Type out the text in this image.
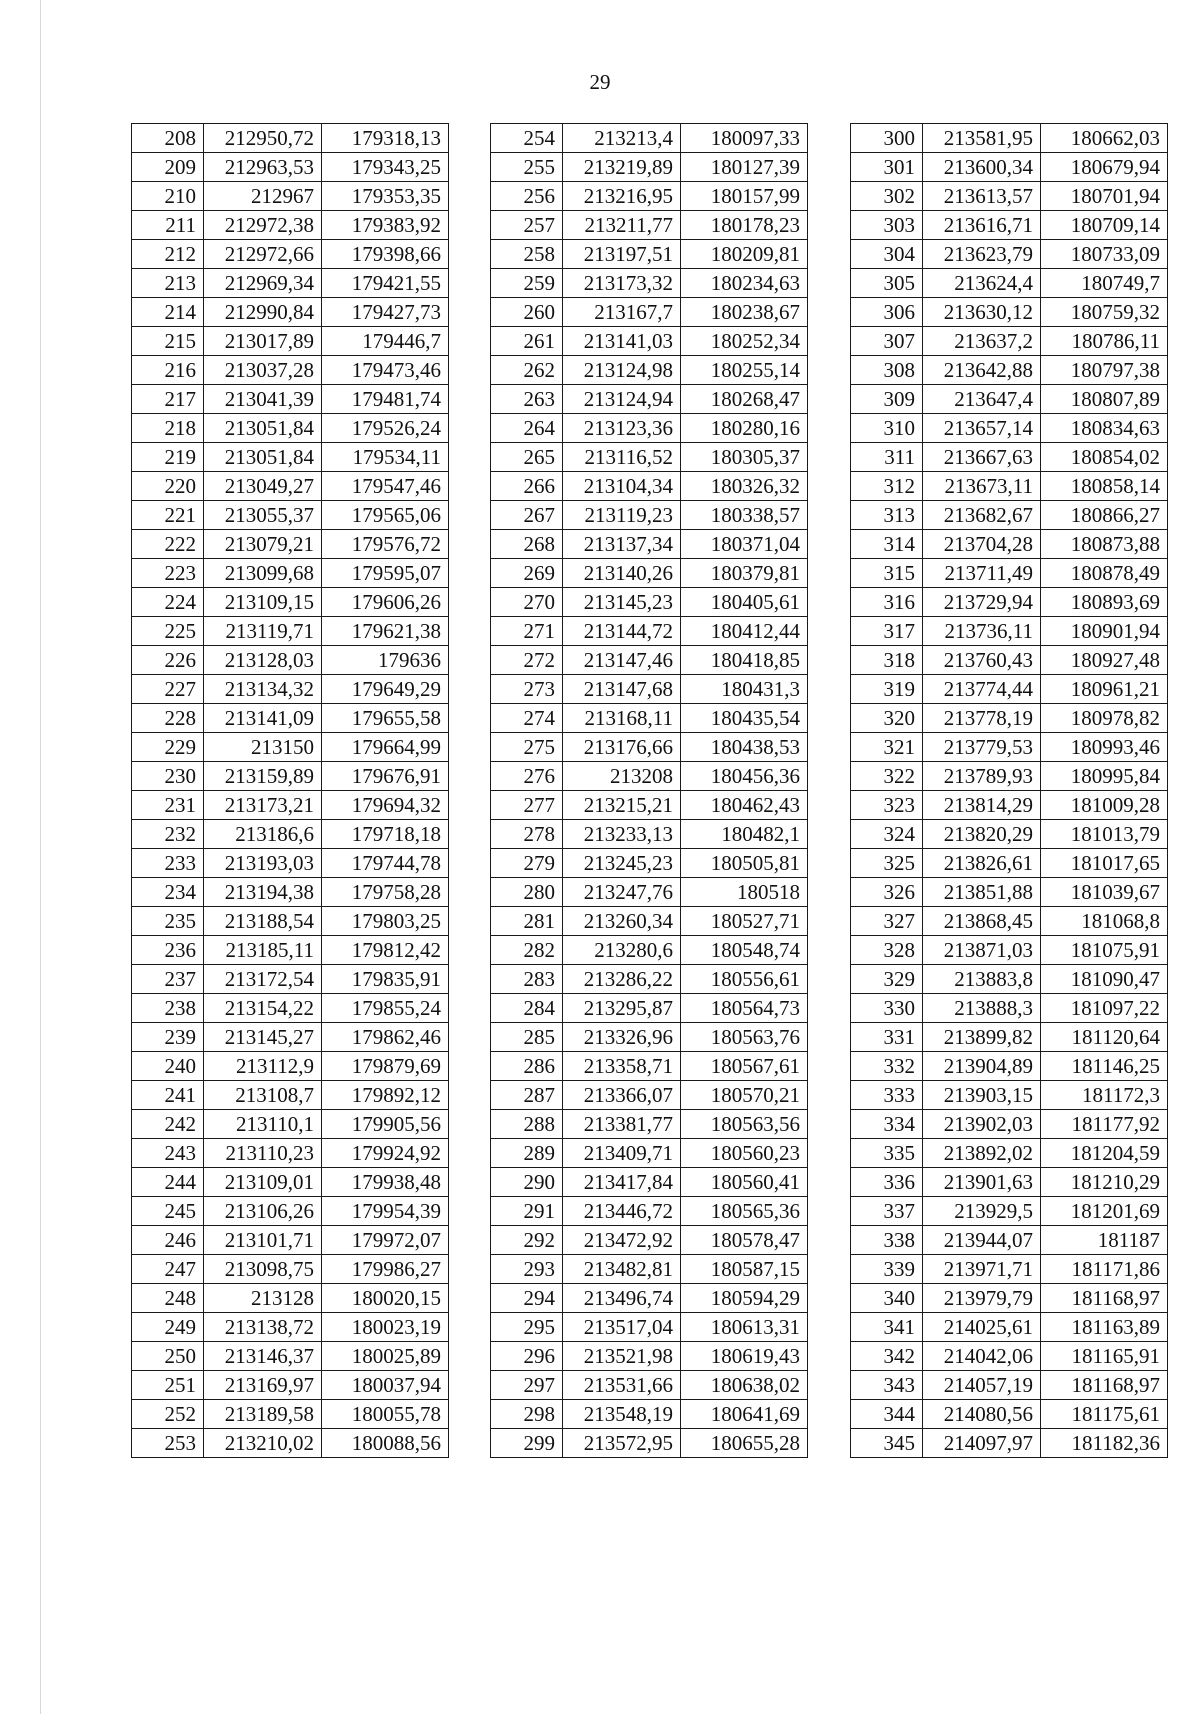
29
208	212950,72	179318,13
209	212963,53	179343,25
210	212967	179353,35
211	212972,38	179383,92
212	212972,66	179398,66
213	212969,34	179421,55
214	212990,84	179427,73
215	213017,89	179446,7
216	213037,28	179473,46
217	213041,39	179481,74
218	213051,84	179526,24
219	213051,84	179534,11
220	213049,27	179547,46
221	213055,37	179565,06
222	213079,21	179576,72
223	213099,68	179595,07
224	213109,15	179606,26
225	213119,71	179621,38
226	213128,03	179636
227	213134,32	179649,29
228	213141,09	179655,58
229	213150	179664,99
230	213159,89	179676,91
231	213173,21	179694,32
232	213186,6	179718,18
233	213193,03	179744,78
234	213194,38	179758,28
235	213188,54	179803,25
236	213185,11	179812,42
237	213172,54	179835,91
238	213154,22	179855,24
239	213145,27	179862,46
240	213112,9	179879,69
241	213108,7	179892,12
242	213110,1	179905,56
243	213110,23	179924,92
244	213109,01	179938,48
245	213106,26	179954,39
246	213101,71	179972,07
247	213098,75	179986,27
248	213128	180020,15
249	213138,72	180023,19
250	213146,37	180025,89
251	213169,97	180037,94
252	213189,58	180055,78
253	213210,02	180088,56
254	213213,4	180097,33
255	213219,89	180127,39
256	213216,95	180157,99
257	213211,77	180178,23
258	213197,51	180209,81
259	213173,32	180234,63
260	213167,7	180238,67
261	213141,03	180252,34
262	213124,98	180255,14
263	213124,94	180268,47
264	213123,36	180280,16
265	213116,52	180305,37
266	213104,34	180326,32
267	213119,23	180338,57
268	213137,34	180371,04
269	213140,26	180379,81
270	213145,23	180405,61
271	213144,72	180412,44
272	213147,46	180418,85
273	213147,68	180431,3
274	213168,11	180435,54
275	213176,66	180438,53
276	213208	180456,36
277	213215,21	180462,43
278	213233,13	180482,1
279	213245,23	180505,81
280	213247,76	180518
281	213260,34	180527,71
282	213280,6	180548,74
283	213286,22	180556,61
284	213295,87	180564,73
285	213326,96	180563,76
286	213358,71	180567,61
287	213366,07	180570,21
288	213381,77	180563,56
289	213409,71	180560,23
290	213417,84	180560,41
291	213446,72	180565,36
292	213472,92	180578,47
293	213482,81	180587,15
294	213496,74	180594,29
295	213517,04	180613,31
296	213521,98	180619,43
297	213531,66	180638,02
298	213548,19	180641,69
299	213572,95	180655,28
300	213581,95	180662,03
301	213600,34	180679,94
302	213613,57	180701,94
303	213616,71	180709,14
304	213623,79	180733,09
305	213624,4	180749,7
306	213630,12	180759,32
307	213637,2	180786,11
308	213642,88	180797,38
309	213647,4	180807,89
310	213657,14	180834,63
311	213667,63	180854,02
312	213673,11	180858,14
313	213682,67	180866,27
314	213704,28	180873,88
315	213711,49	180878,49
316	213729,94	180893,69
317	213736,11	180901,94
318	213760,43	180927,48
319	213774,44	180961,21
320	213778,19	180978,82
321	213779,53	180993,46
322	213789,93	180995,84
323	213814,29	181009,28
324	213820,29	181013,79
325	213826,61	181017,65
326	213851,88	181039,67
327	213868,45	181068,8
328	213871,03	181075,91
329	213883,8	181090,47
330	213888,3	181097,22
331	213899,82	181120,64
332	213904,89	181146,25
333	213903,15	181172,3
334	213902,03	181177,92
335	213892,02	181204,59
336	213901,63	181210,29
337	213929,5	181201,69
338	213944,07	181187
339	213971,71	181171,86
340	213979,79	181168,97
341	214025,61	181163,89
342	214042,06	181165,91
343	214057,19	181168,97
344	214080,56	181175,61
345	214097,97	181182,36
